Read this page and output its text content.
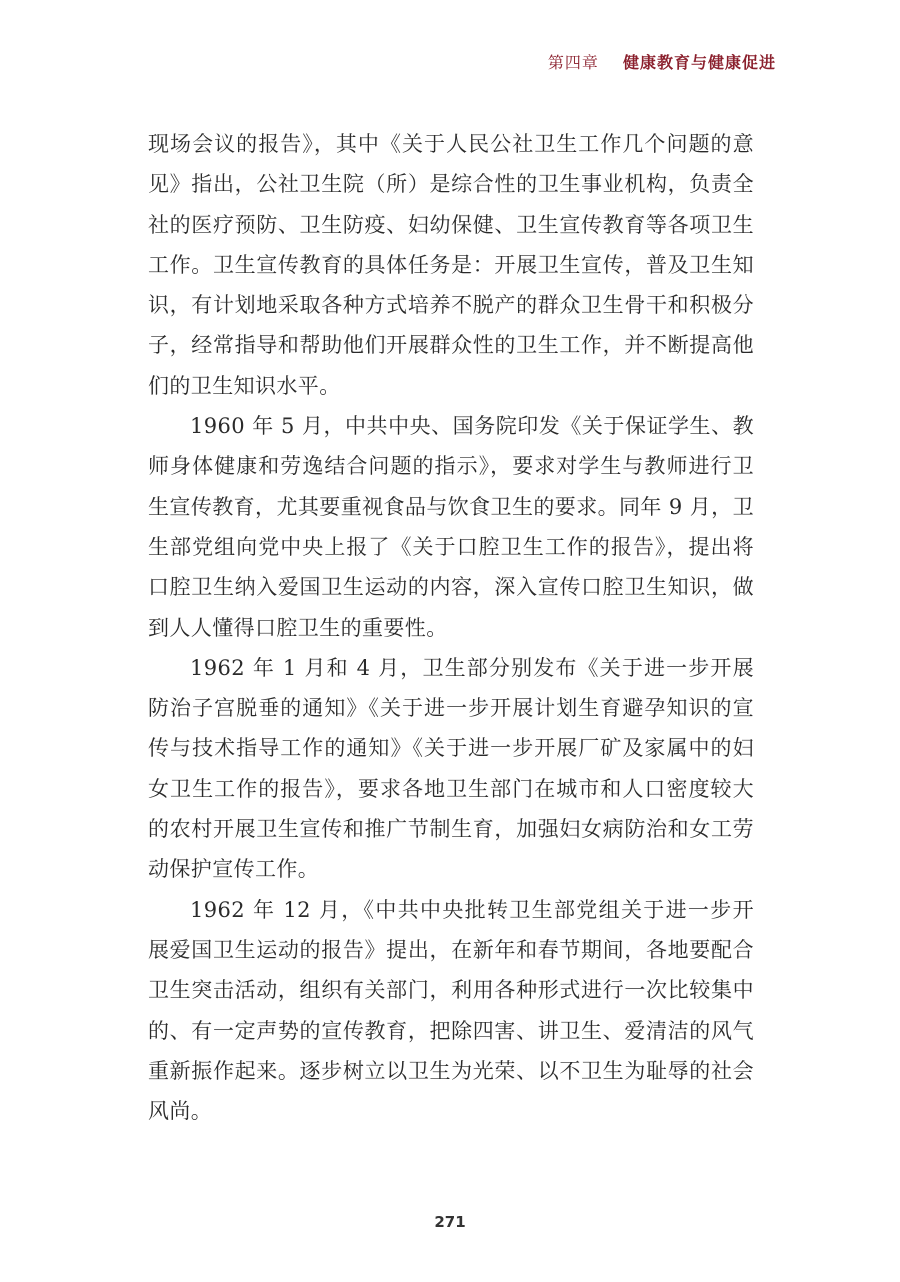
第四章 健康教育与健康促进

现场会议的报告》，其中《关于人民公社卫生工作几个问题的意见》指出，公社卫生院（所）是综合性的卫生事业机构，负责全社的医疗预防、卫生防疫、妇幼保健、卫生宣传教育等各项卫生工作。卫生宣传教育的具体任务是：开展卫生宣传，普及卫生知识，有计划地采取各种方式培养不脱产的群众卫生骨干和积极分子，经常指导和帮助他们开展群众性的卫生工作，并不断提高他们的卫生知识水平。

1960 年 5 月，中共中央、国务院印发《关于保证学生、教师身体健康和劳逸结合问题的指示》，要求对学生与教师进行卫生宣传教育，尤其要重视食品与饮食卫生的要求。同年 9 月，卫生部党组向党中央上报了《关于口腔卫生工作的报告》，提出将口腔卫生纳入爱国卫生运动的内容，深入宣传口腔卫生知识，做到人人懂得口腔卫生的重要性。

1962 年 1 月和 4 月，卫生部分别发布《关于进一步开展防治子宫脱垂的通知》《关于进一步开展计划生育避孕知识的宣传与技术指导工作的通知》《关于进一步开展厂矿及家属中的妇女卫生工作的报告》，要求各地卫生部门在城市和人口密度较大的农村开展卫生宣传和推广节制生育，加强妇女病防治和女工劳动保护宣传工作。

1962 年 12 月，《中共中央批转卫生部党组关于进一步开展爱国卫生运动的报告》提出，在新年和春节期间，各地要配合卫生突击活动，组织有关部门，利用各种形式进行一次比较集中的、有一定声势的宣传教育，把除四害、讲卫生、爱清洁的风气重新振作起来。逐步树立以卫生为光荣、以不卫生为耻辱的社会风尚。

271
